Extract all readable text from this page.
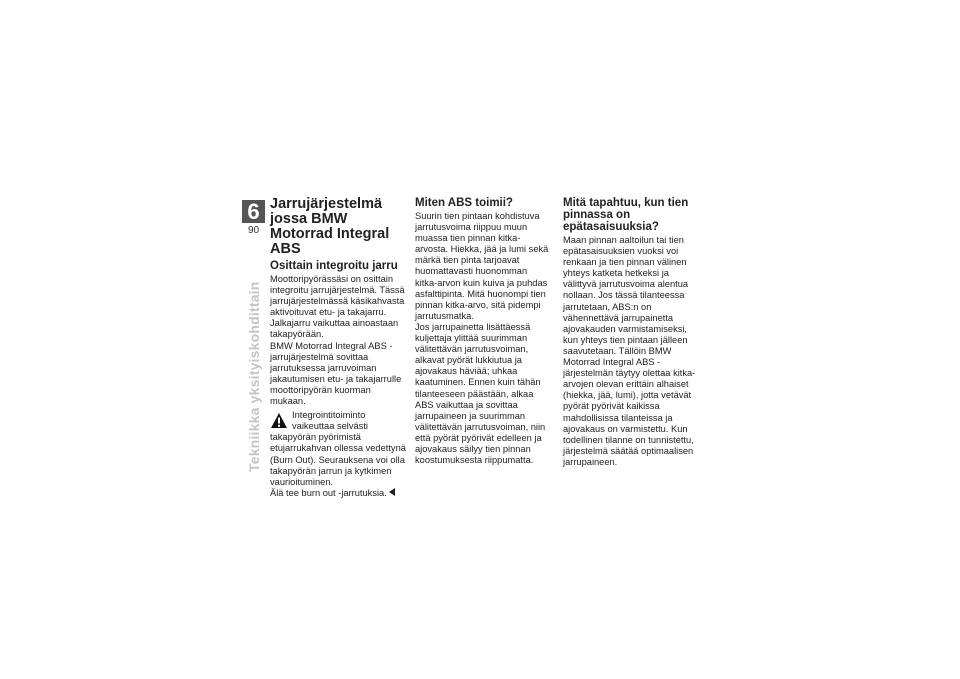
6
90
Tekniikka yksityiskohdittain
Jarrujärjestelmä jossa BMW Motorrad Integral ABS
Osittain integroitu jarru

Moottoripyörässäsi on osittain integroitu jarrujärjestelmä. Tässä jarrujärjestelmässä käsikahvasta aktivoituvat etu- ja takajarru. Jalkajarru vaikuttaa ainoastaan takapyörään.

BMW Motorrad Integral ABS -jarrujärjestelmä sovittaa jarrutuksessa jarruvoiman jakautumisen etu- ja takajarrulle moottoripyörän kuorman mukaan.

Integrointitoiminto vaikeuttaa selvästi takapyörän pyörimistä etujarrukahvan ollessa vedettynä (Burn Out). Seurauksena voi olla takapyörän jarrun ja kytkimen vaurioituminen.

Älä tee burn out -jarrutuksia.

Miten ABS toimii?

Suurin tien pintaan kohdistuva jarrutusvoima riippuu muun muassa tien pinnan kitka-arvosta. Hiekka, jää ja lumi sekä märkä tien pinta tarjoavat huomattavasti huonomman kitka-arvon kuin kuiva ja puhdas asfalttipinta. Mitä huonompi tien pinnan kitka-arvo, sitä pidempi jarrutusmatka.

Jos jarrupainetta lisättäessä kuljettaja ylittää suurimman välitettävän jarrutusvoiman, alkavat pyörät lukkiutua ja ajovakaus häviää; uhkaa kaatuminen. Ennen kuin tähän tilanteeseen päästään, alkaa ABS vaikuttaa ja sovittaa jarrupaineen ja suurimman välitettävän jarrutusvoiman, niin että pyörät pyörivät edelleen ja ajovakaus säilyy tien pinnan koostumuksesta riippumatta.

Mitä tapahtuu, kun tien pinnassa on epätasaisuuksia?

Maan pinnan aaltoilun tai tien epätasaisuuksien vuoksi voi renkaan ja tien pinnan välinen yhteys katketa hetkeksi ja välittyvä jarrutusvoima alentua nollaan. Jos tässä tilanteessa jarrutetaan, ABS:n on vähennettävä jarrupainetta ajovakauden varmistamiseksi, kun yhteys tien pintaan jälleen saavutetaan. Tällöin BMW Motorrad Integral ABS -järjestelmän täytyy olettaa kitka-arvojen olevan erittäin alhaiset (hiekka, jää, lumi), jotta vetävät pyörät pyörivät kaikissa mahdollisissa tilanteissa ja ajovakaus on varmistettu. Kun todellinen tilanne on tunnistettu, järjestelmä säätää optimaalisen jarrupaineen.
